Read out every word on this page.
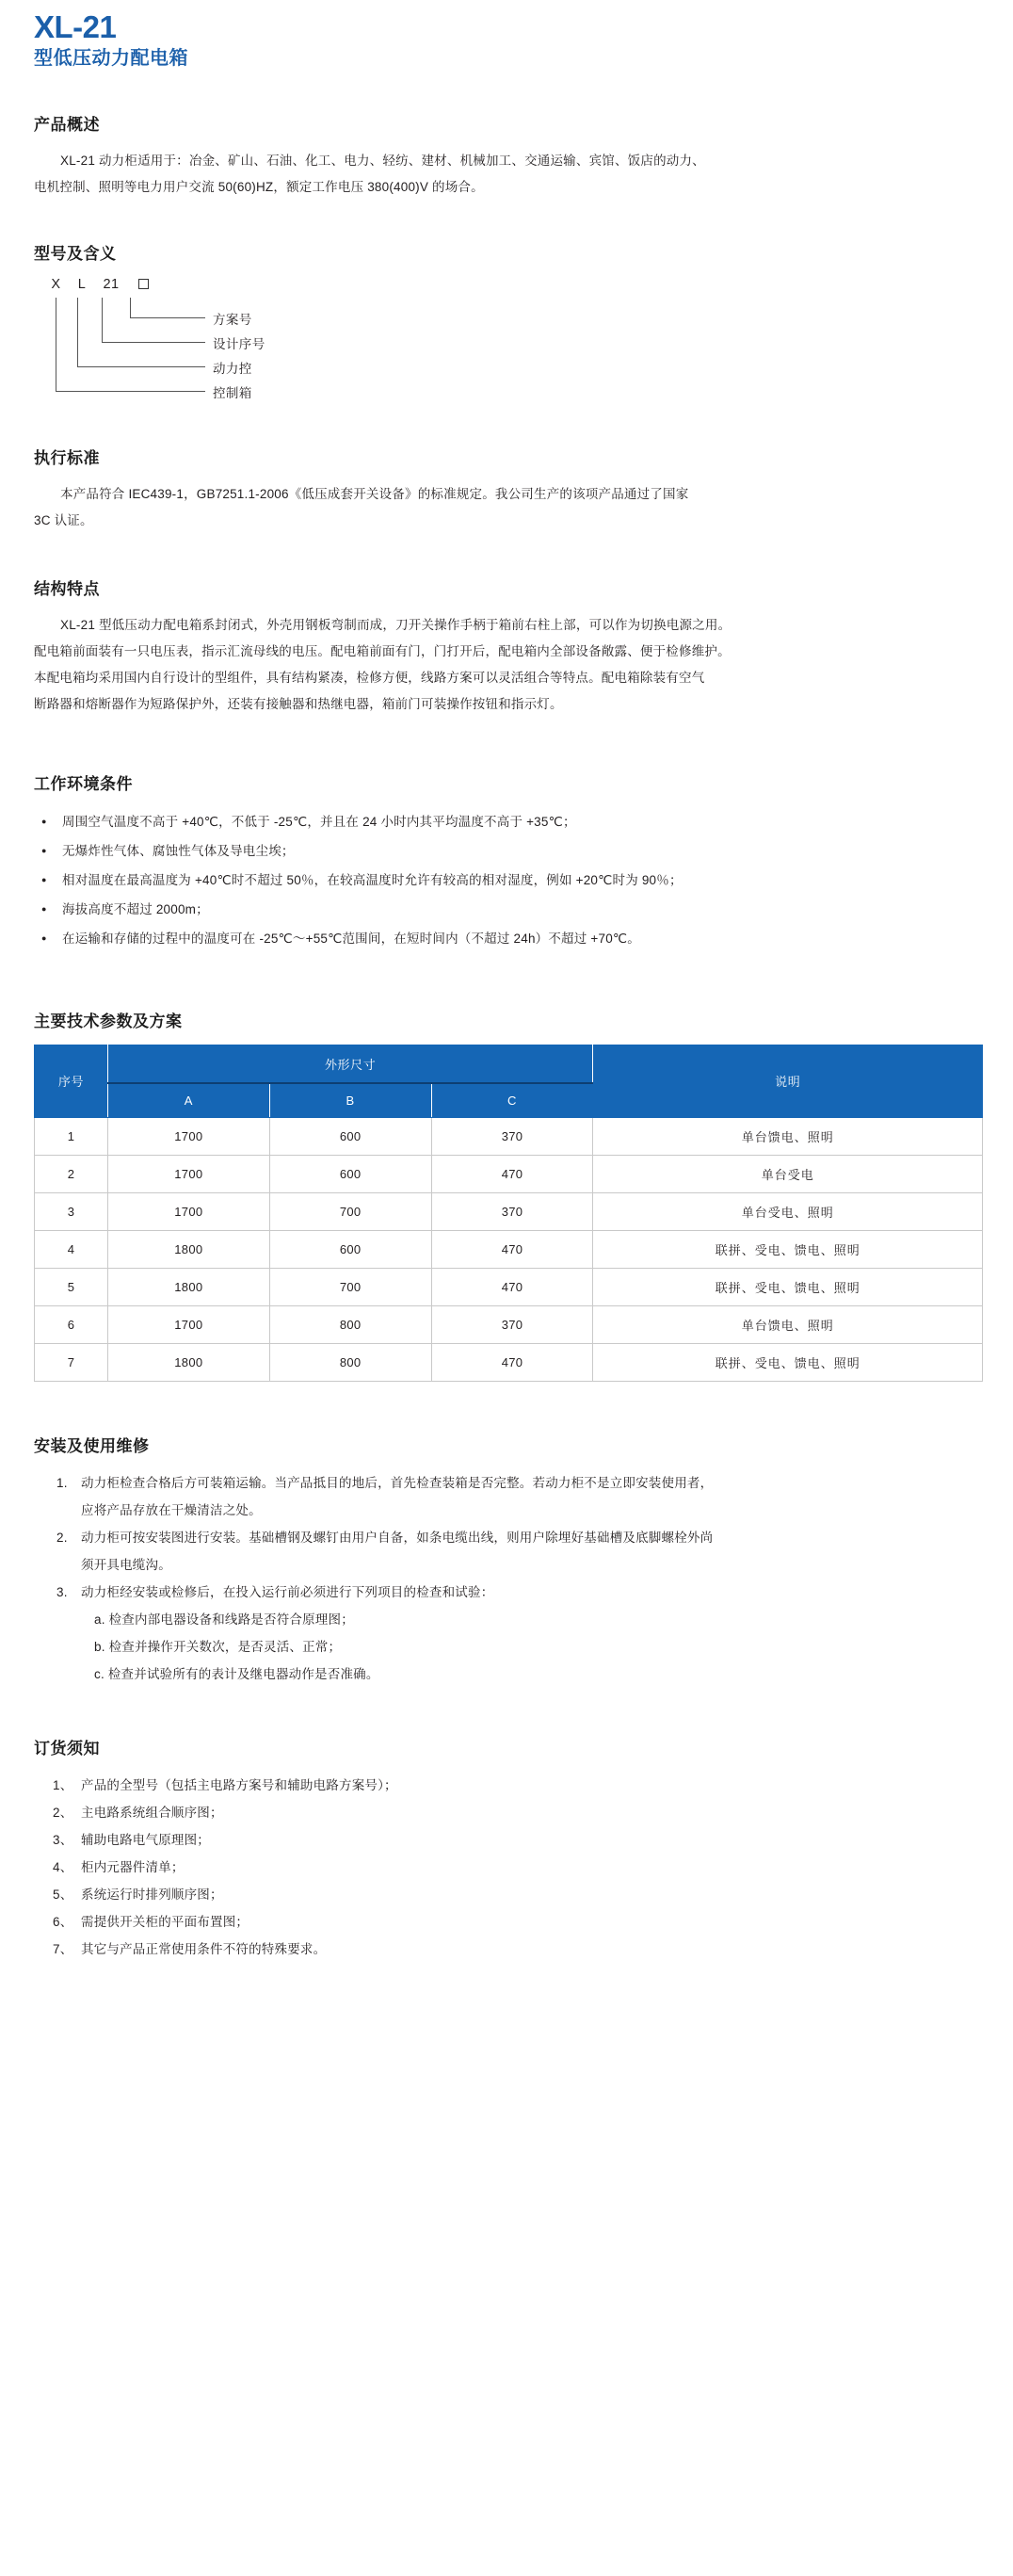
XL-21
型低压动力配电箱
产品概述

XL-21 动力柜适用于：冶金、矿山、石油、化工、电力、轻纺、建材、机械加工、交通运输、宾馆、饭店的动力、

电机控制、照明等电力用户交流 50(60)HZ，额定工作电压 380(400)V 的场合。

型号及含义
X L 21
方案号
设计序号
动力控
控制箱
执行标准

本产品符合 IEC439-1，GB7251.1-2006《低压成套开关设备》的标准规定。我公司生产的该项产品通过了国家

3C 认证。

结构特点

XL-21 型低压动力配电箱系封闭式，外壳用钢板弯制而成，刀开关操作手柄于箱前右柱上部，可以作为切换电源之用。

配电箱前面装有一只电压表，指示汇流母线的电压。配电箱前面有门，门打开后，配电箱内全部设备敞露、便于检修维护。

本配电箱均采用国内自行设计的型组件，具有结构紧凑，检修方便，线路方案可以灵活组合等特点。配电箱除装有空气

断路器和熔断器作为短路保护外，还装有接触器和热继电器，箱前门可装操作按钮和指示灯。

工作环境条件
● 周围空气温度不高于 +40℃，不低于 -25℃，并且在 24 小时内其平均温度不高于 +35℃；
● 无爆炸性气体、腐蚀性气体及导电尘埃；
● 相对温度在最高温度为 +40℃时不超过 50％，在较高温度时允许有较高的相对湿度，例如 +20℃时为 90％；
● 海拔高度不超过 2000m；
● 在运输和存储的过程中的温度可在 -25℃～+55℃范围间，在短时间内（不超过 24h）不超过 +70℃。
主要技术参数及方案
序号	外形尺寸			说明
	A	B	C	
1	1700	600	370	单台馈电、照明
2	1700	600	470	单台受电
3	1700	700	370	单台受电、照明
4	1800	600	470	联拼、受电、馈电、照明
5	1800	700	470	联拼、受电、馈电、照明
6	1700	800	370	单台馈电、照明
7	1800	800	470	联拼、受电、馈电、照明
安装及使用维修
动力柜检查合格后方可装箱运输。当产品抵目的地后，首先检查装箱是否完整。若动力柜不是立即安装使用者，
应将产品存放在干燥清洁之处。
动力柜可按安装图进行安装。基础槽钢及螺钉由用户自备，如条电缆出线，则用户除埋好基础槽及底脚螺栓外尚
须开具电缆沟。
动力柜经安装或检修后，在投入运行前必须进行下列项目的检查和试验：
a. 检查内部电器设备和线路是否符合原理图；
b. 检查并操作开关数次，是否灵活、正常；
c. 检查并试验所有的表计及继电器动作是否准确。
订货须知
产品的全型号（包括主电路方案号和辅助电路方案号）；
主电路系统组合顺序图；
辅助电路电气原理图；
柜内元器件清单；
系统运行时排列顺序图；
需提供开关柜的平面布置图；
其它与产品正常使用条件不符的特殊要求。
